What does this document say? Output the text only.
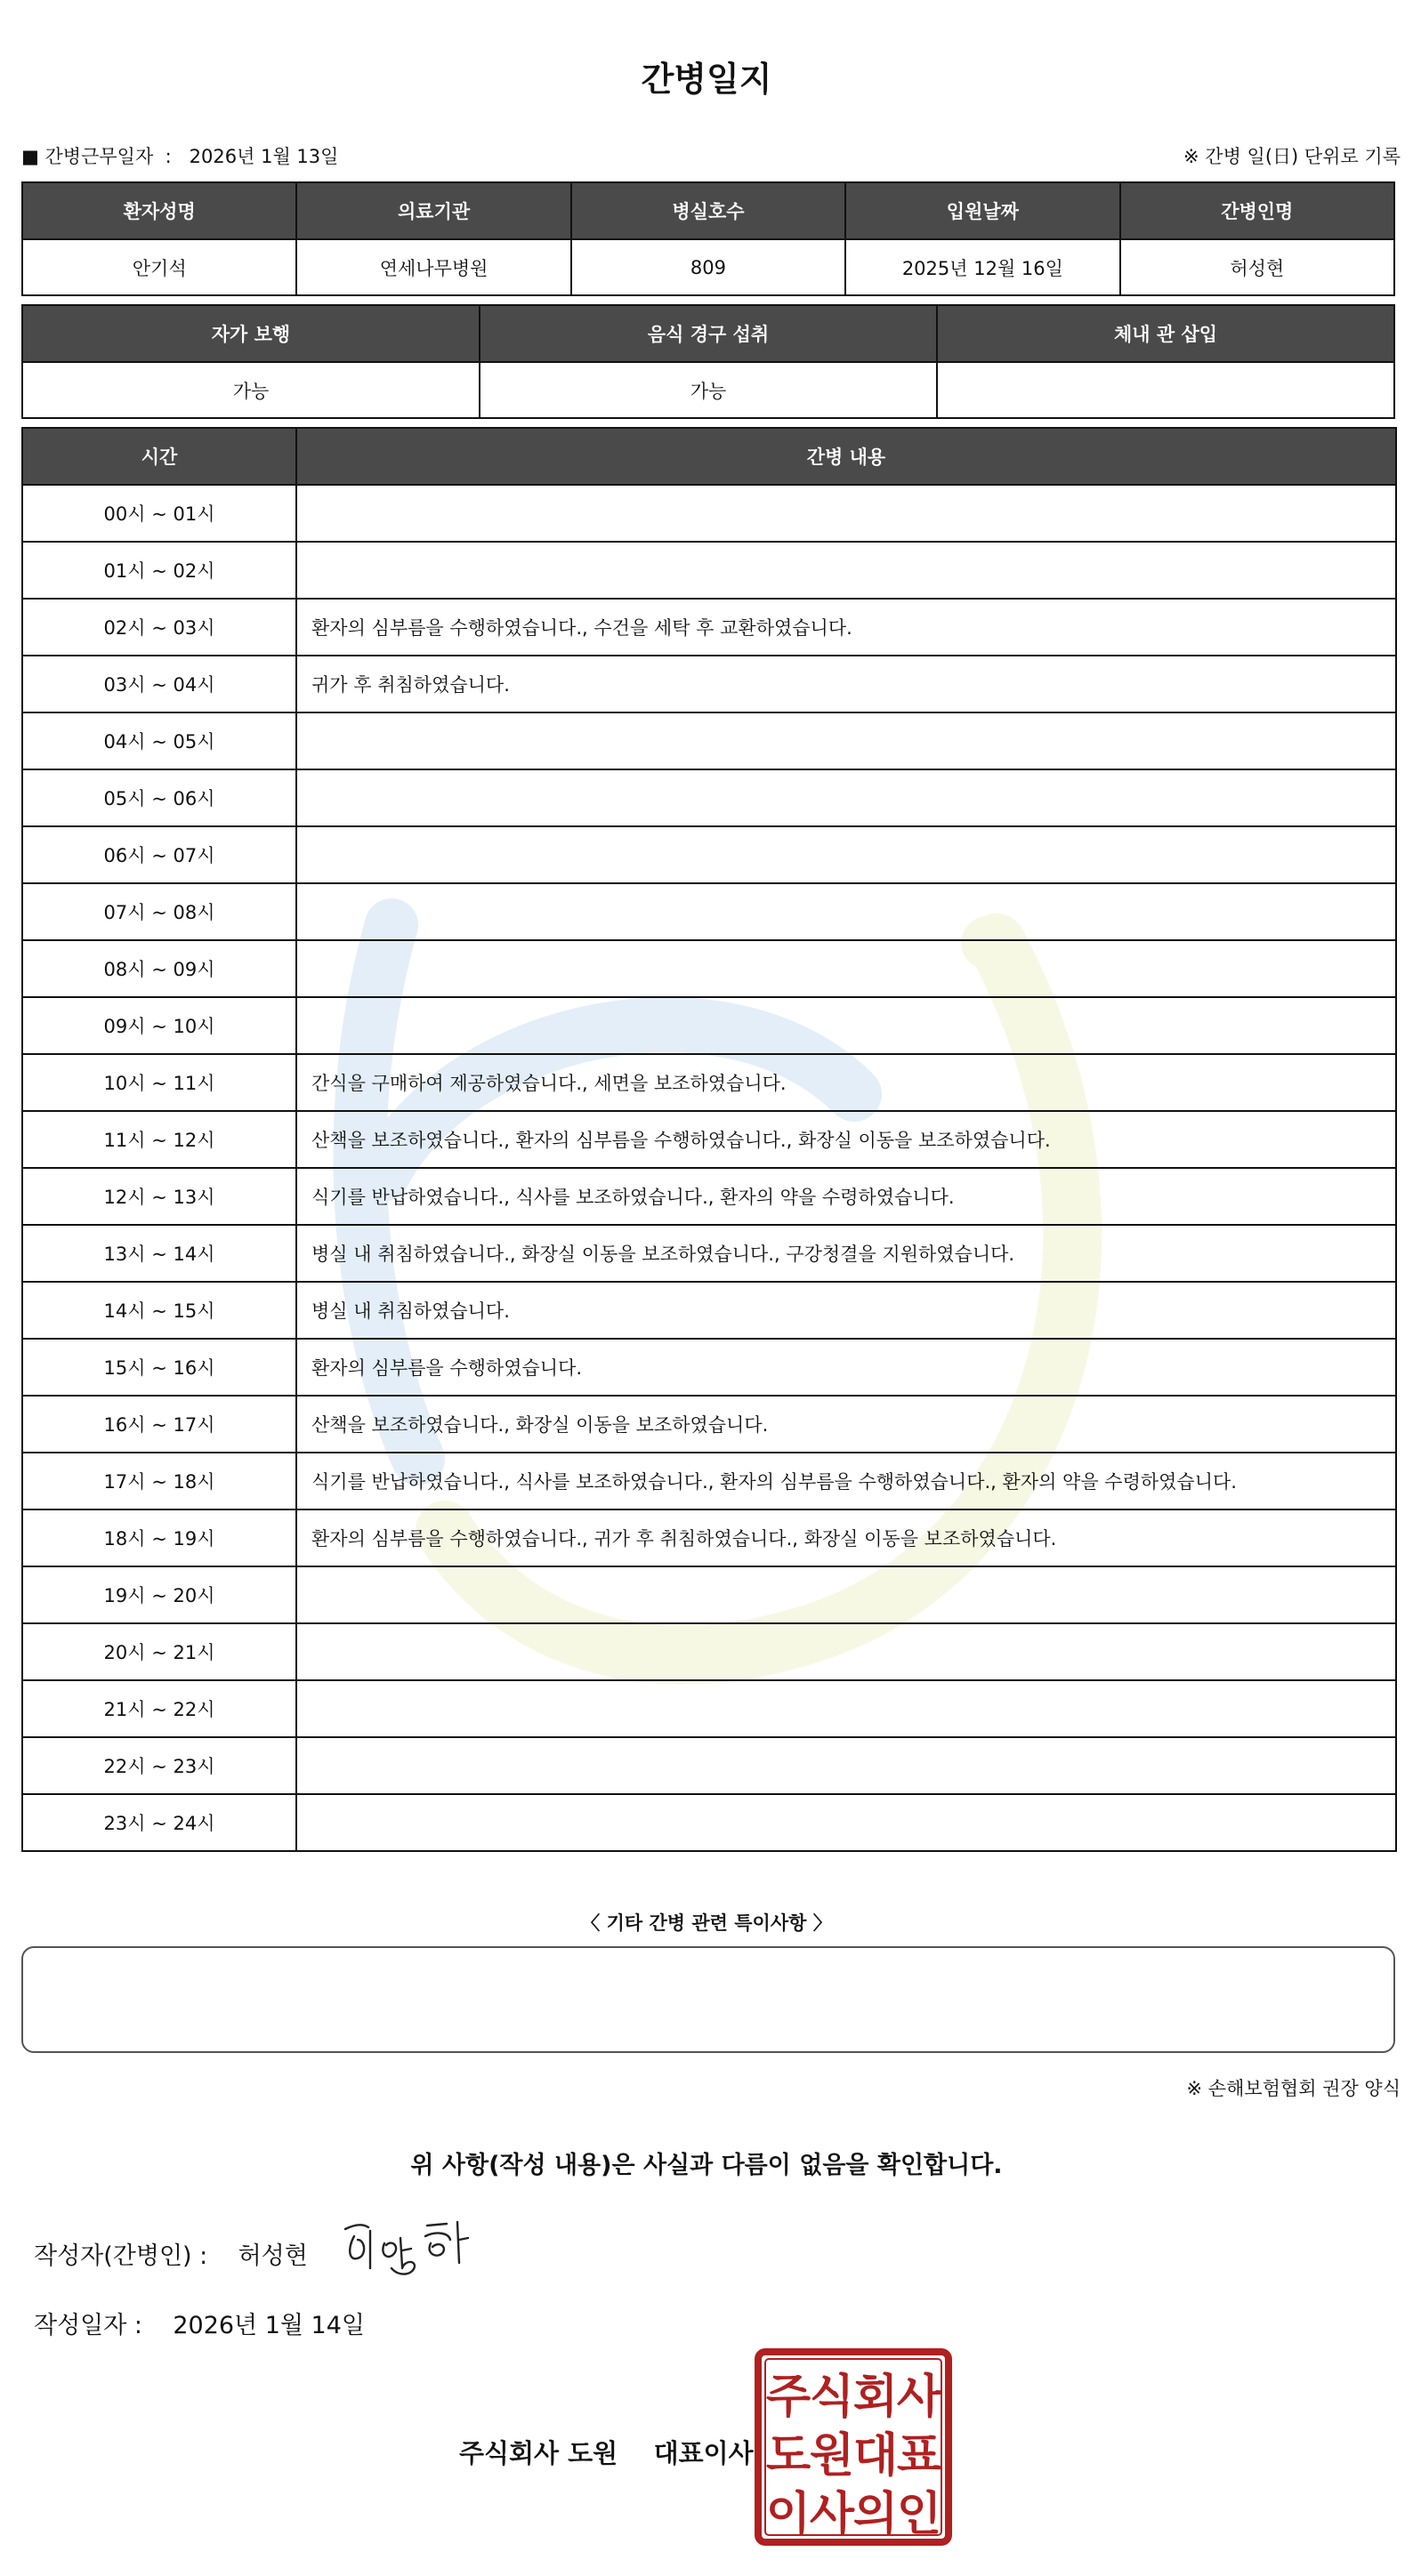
간병일지
■ 간병근무일자  :   2026년 1월 13일	※ 간병 일(日) 단위로 기록
환자성명	의료기관	병실호수	입원날짜	간병인명
안기석	연세나무병원	809	2025년 12월 16일	허성현
자가 보행	음식 경구 섭취	체내 관 삽입
가능	가능	
시간	간병 내용
00시 ~ 01시	
01시 ~ 02시	
02시 ~ 03시	환자의 심부름을 수행하였습니다., 수건을 세탁 후 교환하였습니다.
03시 ~ 04시	귀가 후 취침하였습니다.
04시 ~ 05시	
05시 ~ 06시	
06시 ~ 07시	
07시 ~ 08시	
08시 ~ 09시	
09시 ~ 10시	
10시 ~ 11시	간식을 구매하여 제공하였습니다., 세면을 보조하였습니다.
11시 ~ 12시	산책을 보조하였습니다., 환자의 심부름을 수행하였습니다., 화장실 이동을 보조하였습니다.
12시 ~ 13시	식기를 반납하였습니다., 식사를 보조하였습니다., 환자의 약을 수령하였습니다.
13시 ~ 14시	병실 내 취침하였습니다., 화장실 이동을 보조하였습니다., 구강청결을 지원하였습니다.
14시 ~ 15시	병실 내 취침하였습니다.
15시 ~ 16시	환자의 심부름을 수행하였습니다.
16시 ~ 17시	산책을 보조하였습니다., 화장실 이동을 보조하였습니다.
17시 ~ 18시	식기를 반납하였습니다., 식사를 보조하였습니다., 환자의 심부름을 수행하였습니다., 환자의 약을 수령하였습니다.
18시 ~ 19시	환자의 심부름을 수행하였습니다., 귀가 후 취침하였습니다., 화장실 이동을 보조하였습니다.
19시 ~ 20시	
20시 ~ 21시	
21시 ~ 22시	
22시 ~ 23시	
23시 ~ 24시	
〈 기타 간병 관련 특이사항 〉
※ 손해보험협회 권장 양식
위 사항(작성 내용)은 사실과 다름이 없음을 확인합니다.
작성자(간병인) :    허성현
작성일자 :    2026년 1월 14일
주식회사 도원    대표이사
주
식
회
사
도
원
대
표
이
사
의
인
